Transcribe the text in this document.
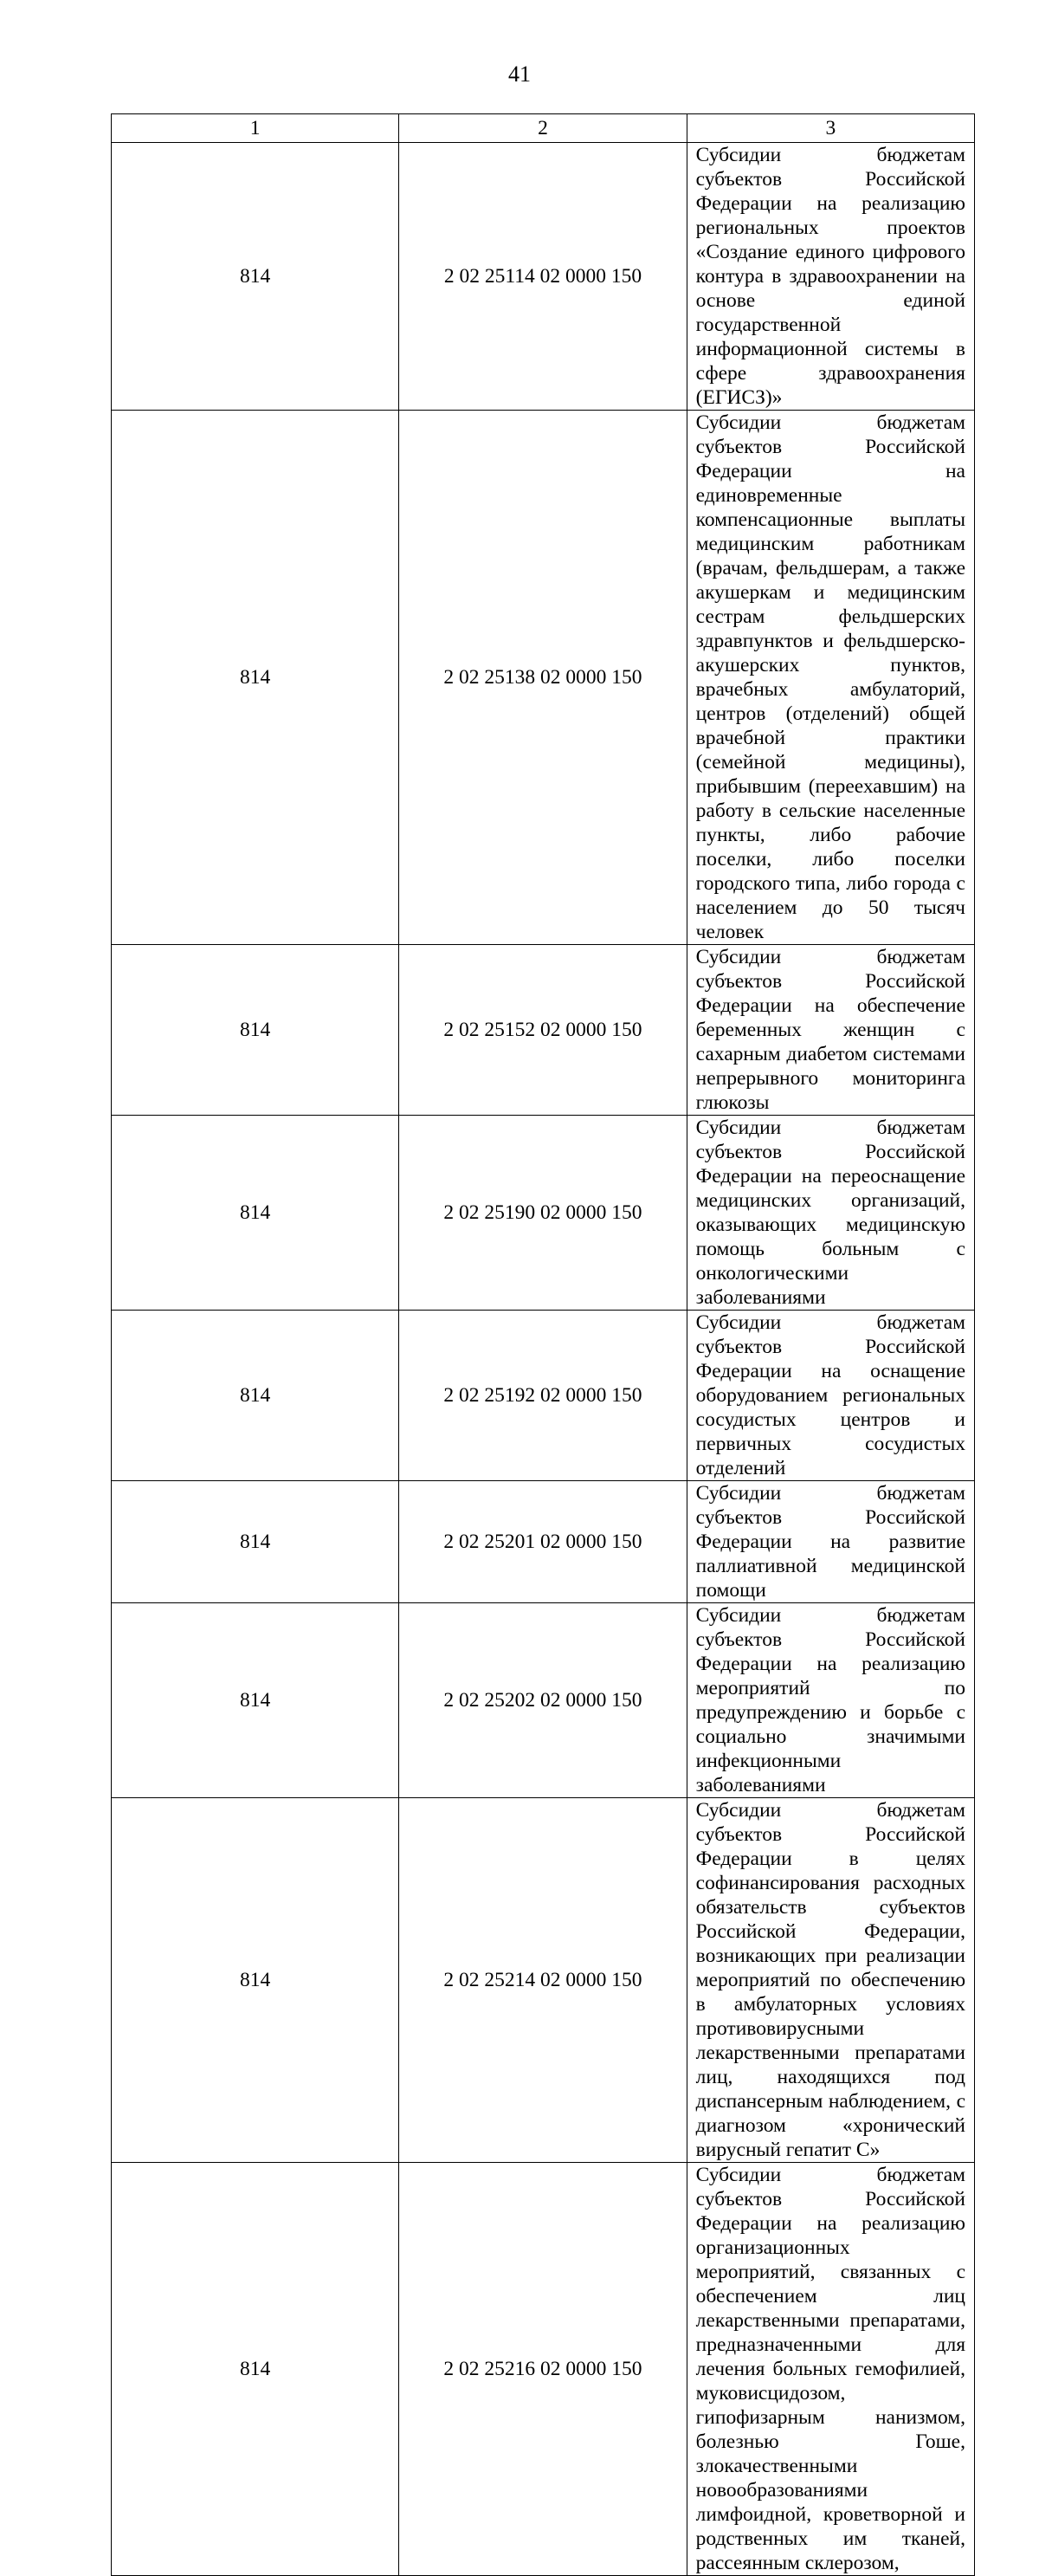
41
1	2	3
814	2 02 25114 02 0000 150	Субсидии бюджетам субъектов Российской Федерации на реализацию региональных проектов «Создание единого цифрового контура в здравоохранении на основе единой государственной информационной системы в сфере здравоохранения (ЕГИСЗ)»

814	2 02 25138 02 0000 150	Субсидии бюджетам субъектов Российской Федерации на единовременные компенсационные выплаты медицинским работникам (врачам, фельдшерам, а также акушеркам и медицинским сестрам фельдшерских здравпунктов и фельдшерско-акушерских пунктов, врачебных амбулаторий, центров (отделений) общей врачебной практики (семейной медицины), прибывшим (переехавшим) на работу в сельские населенные пункты, либо рабочие поселки, либо поселки городского типа, либо города с населением до 50 тысяч человек

814	2 02 25152 02 0000 150	Субсидии бюджетам субъектов Российской Федерации на обеспечение беременных женщин с сахарным диабетом системами непрерывного мониторинга глюкозы

814	2 02 25190 02 0000 150	Субсидии бюджетам субъектов Российской Федерации на переоснащение медицинских организаций, оказывающих медицинскую помощь больным с онкологическими заболеваниями

814	2 02 25192 02 0000 150	Субсидии бюджетам субъектов Российской Федерации на оснащение оборудованием региональных сосудистых центров и первичных сосудистых отделений

814	2 02 25201 02 0000 150	Субсидии бюджетам субъектов Российской Федерации на развитие паллиативной медицинской помощи

814	2 02 25202 02 0000 150	Субсидии бюджетам субъектов Российской Федерации на реализацию мероприятий по предупреждению и борьбе с социально значимыми инфекционными заболеваниями

814	2 02 25214 02 0000 150	Субсидии бюджетам субъектов Российской Федерации в целях софинансирования расходных обязательств субъектов Российской Федерации, возникающих при реализации мероприятий по обеспечению в амбулаторных условиях противовирусными лекарственными препаратами лиц, находящихся под диспансерным наблюдением, с диагнозом «хронический вирусный гепатит С»

814	2 02 25216 02 0000 150	Субсидии бюджетам субъектов Российской Федерации на реализацию организационных мероприятий, связанных с обеспечением лиц лекарственными препаратами, предназначенными для лечения больных гемофилией, муковисцидозом, гипофизарным нанизмом, болезнью Гоше, злокачественными новообразованиями лимфоидной, кроветворной и родственных им тканей, рассеянным склерозом,
